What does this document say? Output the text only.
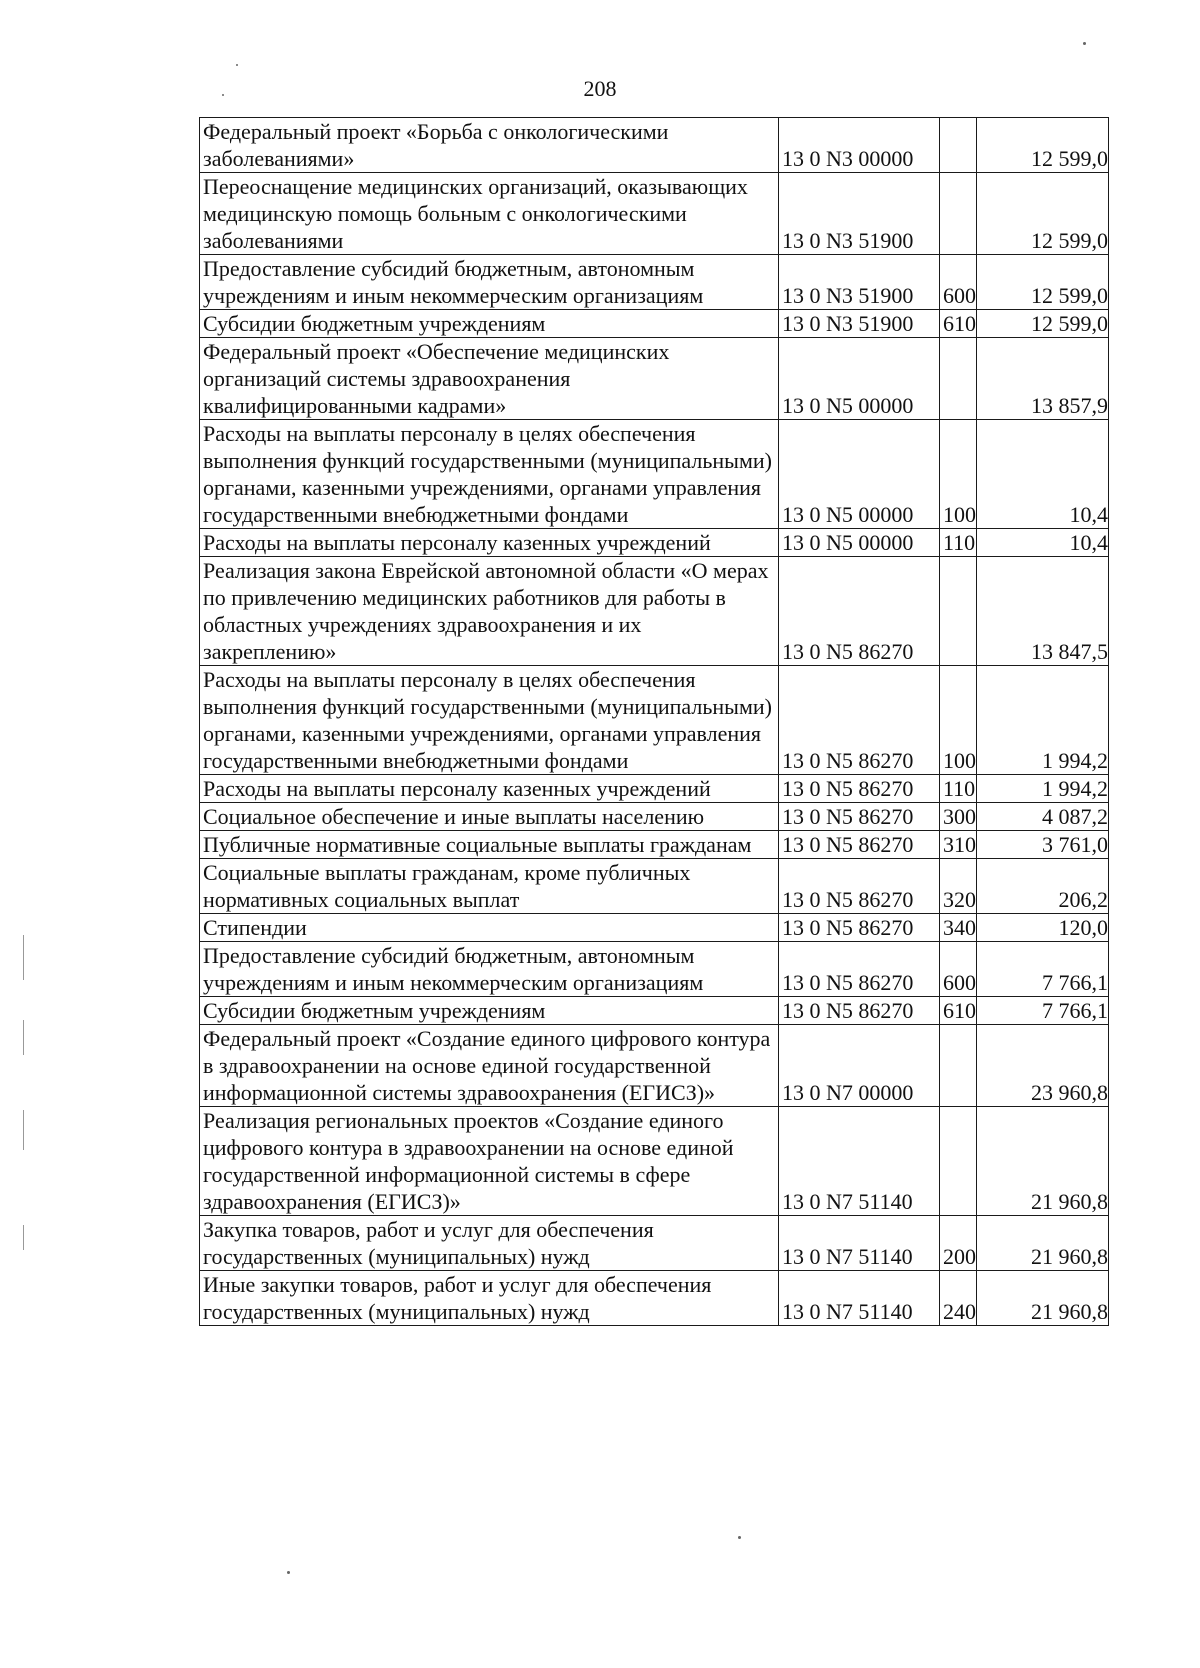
208
Федеральный проект «Борьба с онкологическими заболеваниями»	13 0 N3 00000		12 599,0
Переоснащение медицинских организаций, оказывающих медицинскую помощь больным с онкологическими заболеваниями	13 0 N3 51900		12 599,0
Предоставление субсидий бюджетным, автономным учреждениям и иным некоммерческим организациям	13 0 N3 51900	600	12 599,0
Субсидии бюджетным учреждениям	13 0 N3 51900	610	12 599,0
Федеральный проект «Обеспечение медицинских организаций системы здравоохранения квалифицированными кадрами»	13 0 N5 00000		13 857,9
Расходы на выплаты персоналу в целях обеспечения выполнения функций государственными (муниципальными) органами, казенными учреждениями, органами управления государственными внебюджетными фондами	13 0 N5 00000	100	10,4
Расходы на выплаты персоналу казенных учреждений	13 0 N5 00000	110	10,4
Реализация закона Еврейской автономной области «О мерах по привлечению медицинских работников для работы в областных учреждениях здравоохранения и их закреплению»	13 0 N5 86270		13 847,5
Расходы на выплаты персоналу в целях обеспечения выполнения функций государственными (муниципальными) органами, казенными учреждениями, органами управления государственными внебюджетными фондами	13 0 N5 86270	100	1 994,2
Расходы на выплаты персоналу казенных учреждений	13 0 N5 86270	110	1 994,2
Социальное обеспечение и иные выплаты населению	13 0 N5 86270	300	4 087,2
Публичные нормативные социальные выплаты гражданам	13 0 N5 86270	310	3 761,0
Социальные выплаты гражданам, кроме публичных нормативных социальных выплат	13 0 N5 86270	320	206,2
Стипендии	13 0 N5 86270	340	120,0
Предоставление субсидий бюджетным, автономным учреждениям и иным некоммерческим организациям	13 0 N5 86270	600	7 766,1
Субсидии бюджетным учреждениям	13 0 N5 86270	610	7 766,1
Федеральный проект «Создание единого цифрового контура в здравоохранении на основе единой государственной информационной системы здравоохранения (ЕГИСЗ)»	13 0 N7 00000		23 960,8
Реализация региональных проектов «Создание единого цифрового контура в здравоохранении на основе единой государственной информационной системы в сфере здравоохранения (ЕГИСЗ)»	13 0 N7 51140		21 960,8
Закупка товаров, работ и услуг для обеспечения государственных (муниципальных) нужд	13 0 N7 51140	200	21 960,8
Иные закупки товаров, работ и услуг для обеспечения государственных (муниципальных) нужд	13 0 N7 51140	240	21 960,8
